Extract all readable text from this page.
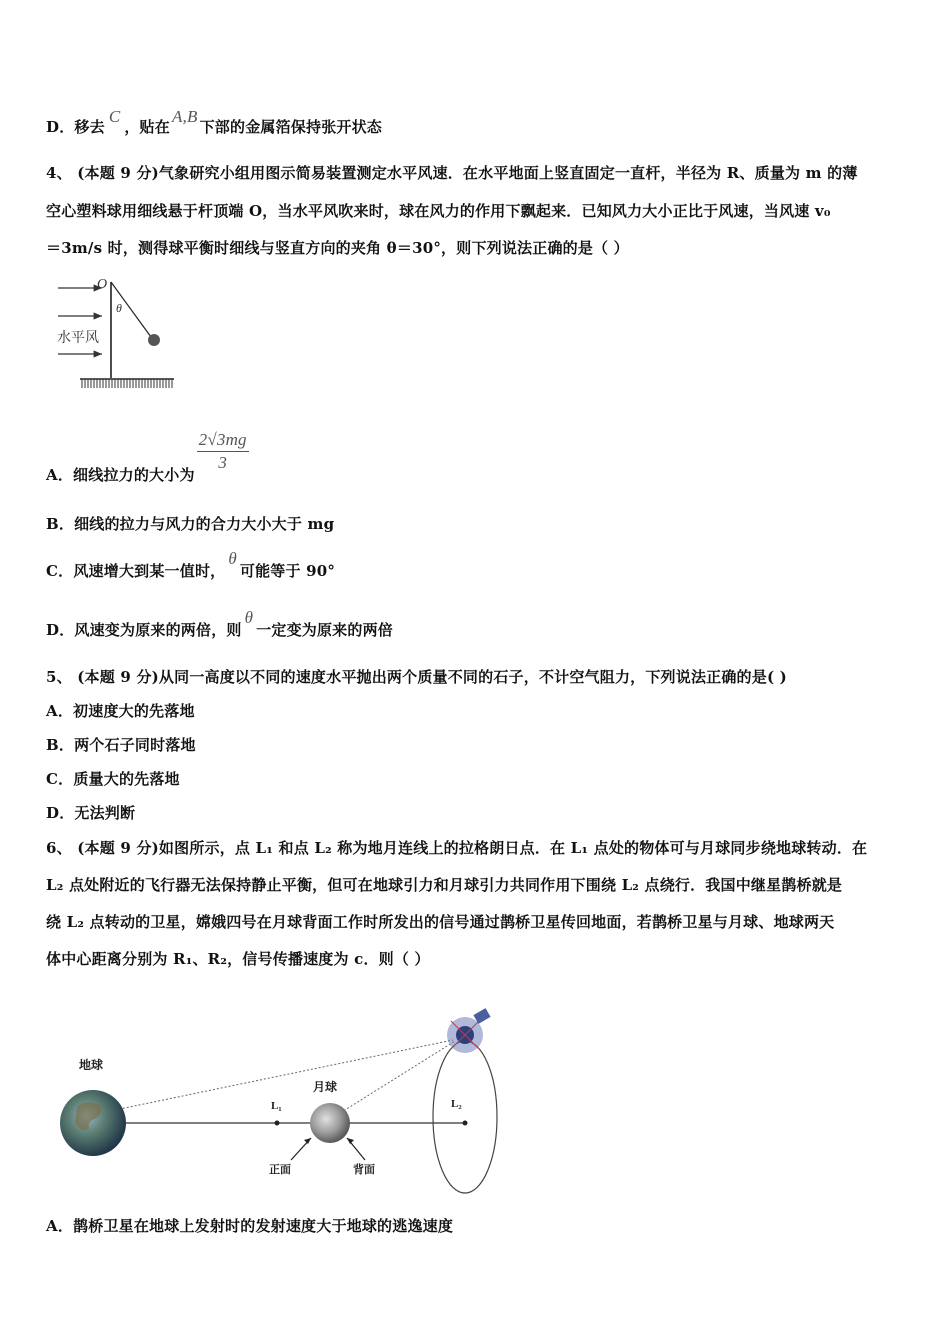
D．移去C，贴在A,B下部的金属箔保持张开状态
4、 (本题 9 分)气象研究小组用图示简易装置测定水平风速．在水平地面上竖直固定一直杆，半径为 R、质量为 m 的薄
空心塑料球用细线悬于杆顶端 O，当水平风吹来时，球在风力的作用下飘起来．已知风力大小正比于风速，当风速 v₀
＝3m/s 时，测得球平衡时细线与竖直方向的夹角 θ＝30°，则下列说法正确的是（ ）
水平风
O
θ
A．细线拉力的大小为
$\frac{2√3mg}{3}$
B．细线的拉力与风力的合力大小大于 mg
C．风速增大到某一值时，θ可能等于 90°
D．风速变为原来的两倍，则θ一定变为原来的两倍
5、 (本题 9 分)从同一高度以不同的速度水平抛出两个质量不同的石子，不计空气阻力，下列说法正确的是( )
A．初速度大的先落地
B．两个石子同时落地
C．质量大的先落地
D．无法判断
6、 (本题 9 分)如图所示，点 L₁ 和点 L₂ 称为地月连线上的拉格朗日点．在 L₁ 点处的物体可与月球同步绕地球转动．在
L₂ 点处附近的飞行器无法保持静止平衡，但可在地球引力和月球引力共同作用下围绕 L₂ 点绕行．我国中继星鹊桥就是
绕 L₂ 点转动的卫星，嫦娥四号在月球背面工作时所发出的信号通过鹊桥卫星传回地面，若鹊桥卫星与月球、地球两天
体中心距离分别为 R₁、R₂，信号传播速度为 c．则（ ）
地球
L₁
月球
正面	背面
L₂
A．鹊桥卫星在地球上发射时的发射速度大于地球的逃逸速度
